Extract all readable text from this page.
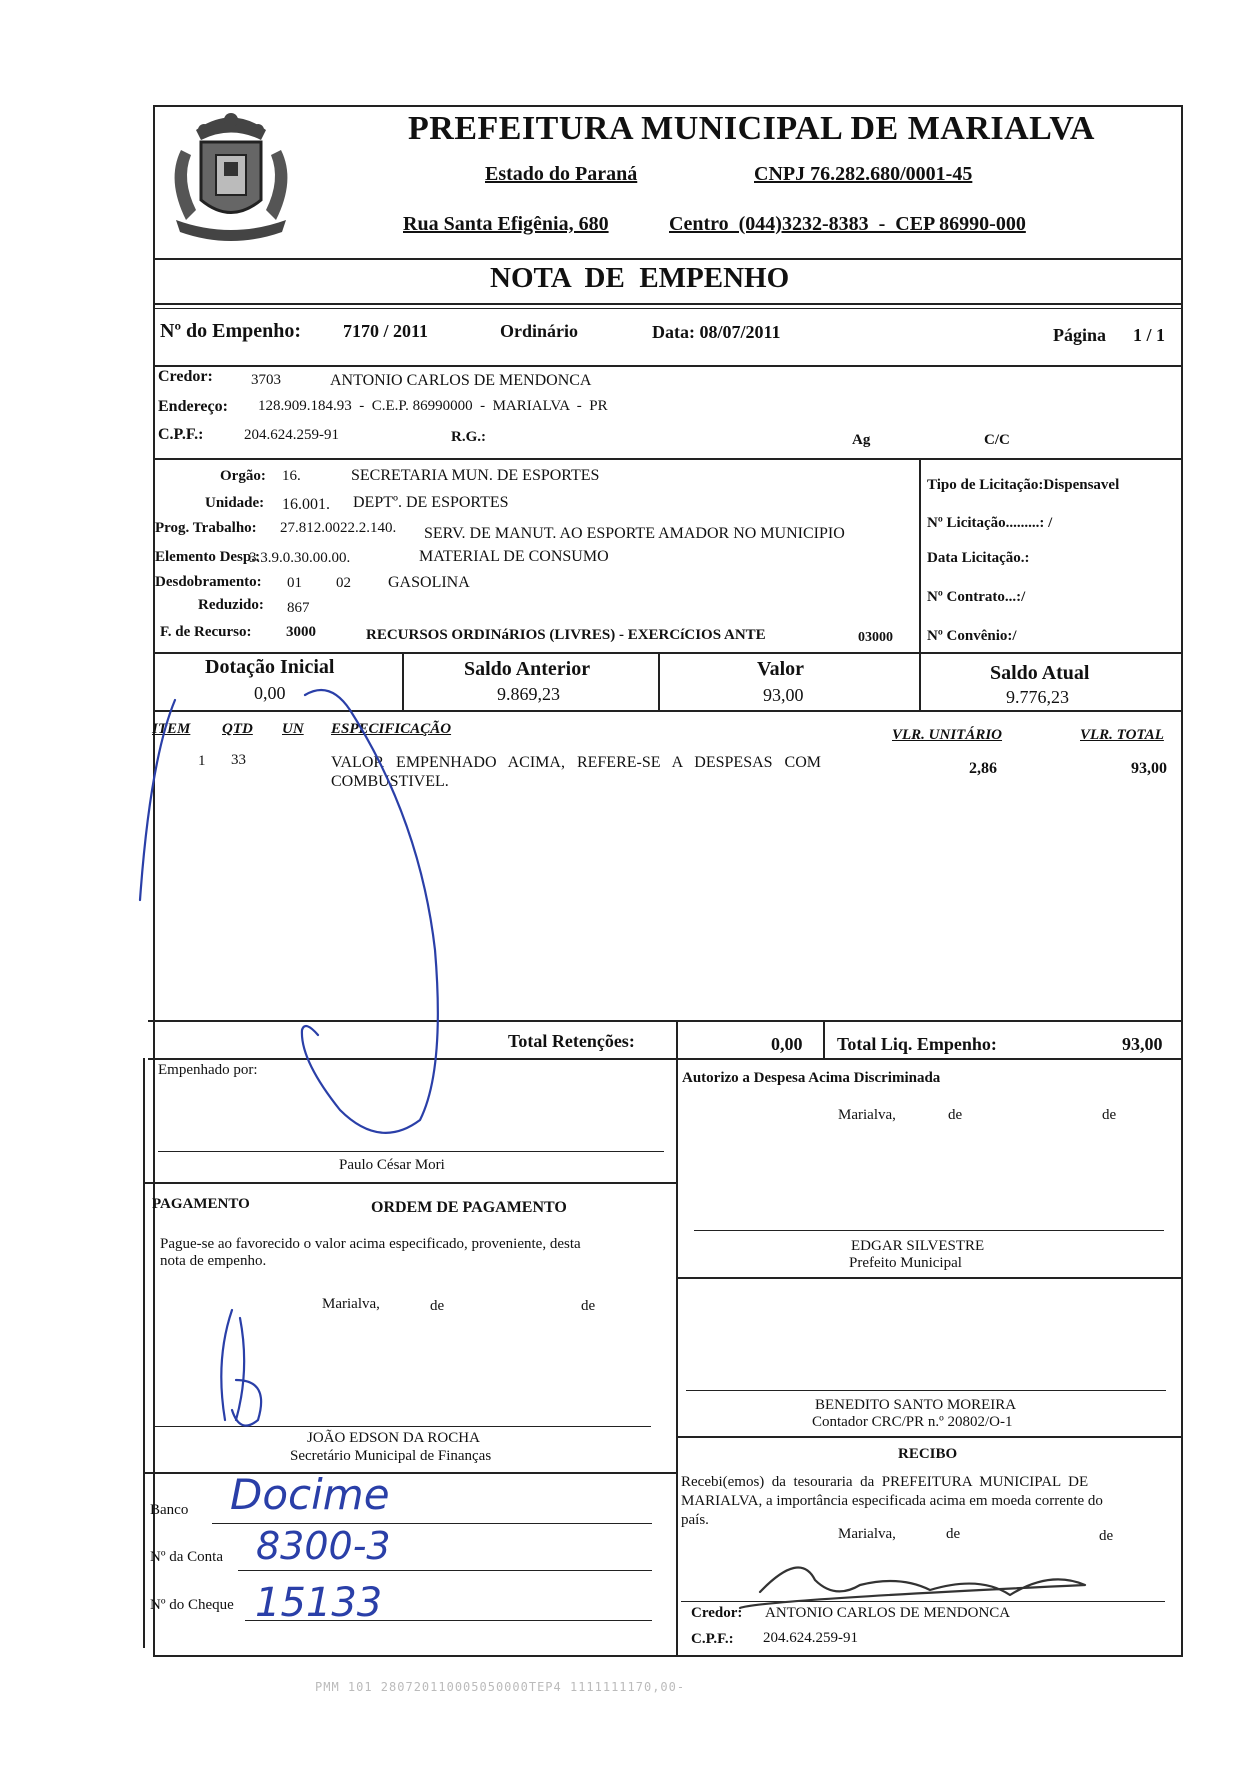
PREFEITURA MUNICIPAL DE MARIALVA
Estado do Paraná	CNPJ 76.282.680/0001-45
Rua Santa Efigênia, 680	Centro  (044)3232-8383  -  CEP 86990-000
NOTA  DE  EMPENHO
Nº do Empenho: 7170 / 2011	Ordinário	Data: 08/07/2011	Página 1 / 1
Credor:	3703	ANTONIO CARLOS DE MENDONCA
Endereço: 128.909.184.93  -  C.E.P. 86990000  -  MARIALVA  -  PR
C.P.F.:	204.624.259-91	R.G.:	Ag	C/C
Orgão: 16.	SECRETARIA MUN. DE ESPORTES
Unidade: 16.001. DEPTº. DE ESPORTES
Prog. Trabalho: 27.812.0022.2.140. SERV. DE MANUT. AO ESPORTE AMADOR NO MUNICIPIO
Elemento Desp.:
3.3.9.0.30.00.00.	MATERIAL DE CONSUMO
Desdobramento: 01 02 GASOLINA
Reduzido: 867
F. de Recurso: 3000	RECURSOS ORDINáRIOS (LIVRES) - EXERCíCIOS ANTE	03000
Tipo de Licitação:Dispensavel
Nº Licitação.........: /
Data Licitação.:
Nº Contrato...:/
Nº Convênio:/
Dotação Inicial
0,00
Saldo Anterior
9.869,23
Valor
93,00
Saldo Atual
9.776,23
ITEM QTD UN ESPECIFICAÇÃO	VLR. UNITÁRIO	VLR. TOTAL
1 33	VALOR   EMPENHADO   ACIMA,   REFERE-SE   A   DESPESAS   COM
COMBUSTIVEL.
2,86	93,00
Total Retenções:	0,00 Total Liq. Empenho:	93,00
Empenhado por:
Paulo César Mori
Autorizo a Despesa Acima Discriminada
Marialva,	de	de
EDGAR SILVESTRE
Prefeito Municipal
PAGAMENTO	ORDEM DE PAGAMENTO
Pague-se ao favorecido o valor acima especificado, proveniente, desta
nota de empenho.
Marialva,	de	de
JOÃO EDSON DA ROCHA
Secretário Municipal de Finanças
BENEDITO SANTO MOREIRA
Contador CRC/PR n.º 20802/O-1
Banco Docime
Nº da Conta 8300-3
Nº do Cheque 15133
RECIBO
Recebi(emos)  da  tesouraria  da  PREFEITURA  MUNICIPAL  DE
MARIALVA, a importância especificada acima em moeda corrente do
país.
Marialva,	de	de
Credor: ANTONIO CARLOS DE MENDONCA
C.P.F.: 204.624.259-91
PMM 101 280720110005050000TEP4 1111111170,00-
